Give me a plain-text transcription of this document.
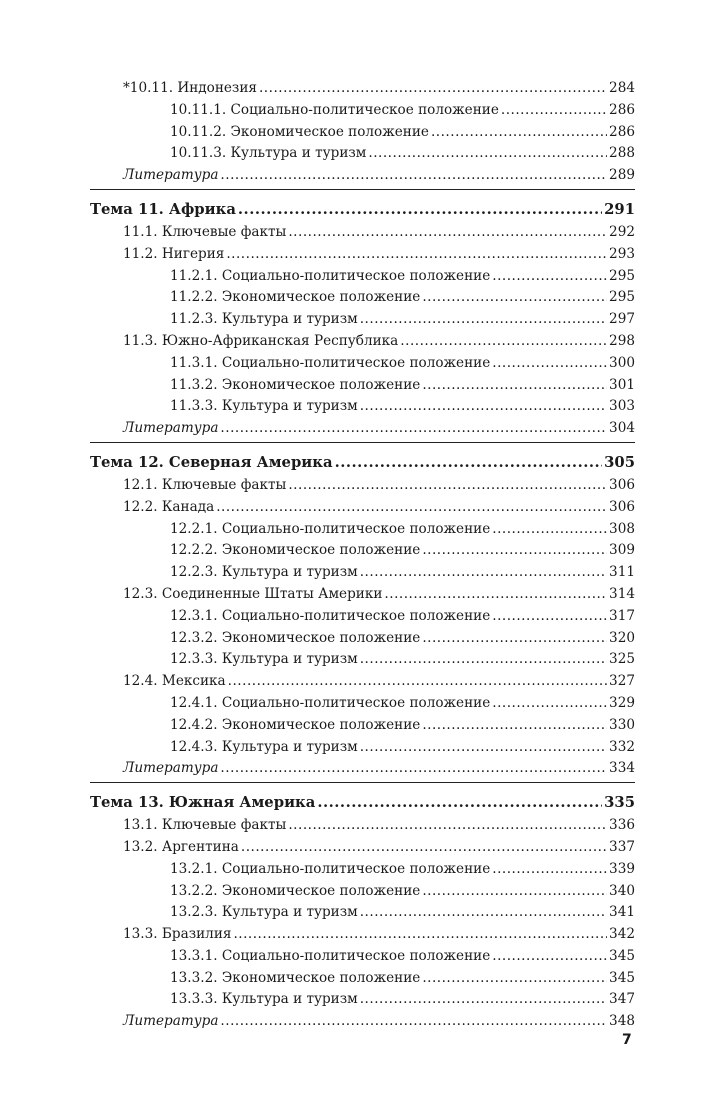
*10.11. Индонезия .....	284
10.11.1. Социально-политическое положение .....	286
10.11.2. Экономическое положение .....	286
10.11.3. Культура и туризм .....	288
Литература .....	289
Тема 11. Африка .....	291
11.1. Ключевые факты .....	292
11.2. Нигерия .....	293
11.2.1. Социально-политическое положение .....	295
11.2.2. Экономическое положение .....	295
11.2.3. Культура и туризм .....	297
11.3. Южно-Африканская Республика .....	298
11.3.1. Социально-политическое положение .....	300
11.3.2. Экономическое положение .....	301
11.3.3. Культура и туризм .....	303
Литература .....	304
Тема 12. Северная Америка .....	305
12.1. Ключевые факты .....	306
12.2. Канада .....	306
12.2.1. Социально-политическое положение .....	308
12.2.2. Экономическое положение .....	309
12.2.3. Культура и туризм .....	311
12.3. Соединенные Штаты Америки .....	314
12.3.1. Социально-политическое положение .....	317
12.3.2. Экономическое положение .....	320
12.3.3. Культура и туризм .....	325
12.4. Мексика .....	327
12.4.1. Социально-политическое положение .....	329
12.4.2. Экономическое положение .....	330
12.4.3. Культура и туризм .....	332
Литература .....	334
Тема 13. Южная Америка .....	335
13.1. Ключевые факты .....	336
13.2. Аргентина .....	337
13.2.1. Социально-политическое положение .....	339
13.2.2. Экономическое положение .....	340
13.2.3. Культура и туризм .....	341
13.3. Бразилия .....	342
13.3.1. Социально-политическое положение .....	345
13.3.2. Экономическое положение .....	345
13.3.3. Культура и туризм .....	347
Литература .....	348
7
